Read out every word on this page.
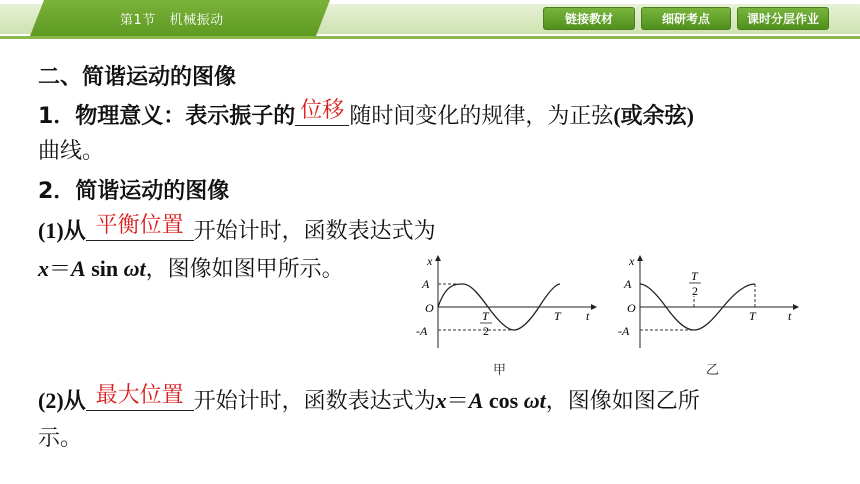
第1节   机械振动	链接教材	细研考点	课时分层作业
二、简谐运动的图像
1．物理意义：表示振子的 位移 随时间变化的规律，为正弦(或余弦)
曲线。
2．简谐运动的图像
(1)从 平衡位置 开始计时，函数表达式为
x＝A sin ωt，图像如图甲所示。	x
A
O
-A
T
2
T t
甲
x
A
O
-A
T
2
T	t
乙
(2)从 最大位置 开始计时，函数表达式为x＝A cos ωt，图像如图乙所
示。
